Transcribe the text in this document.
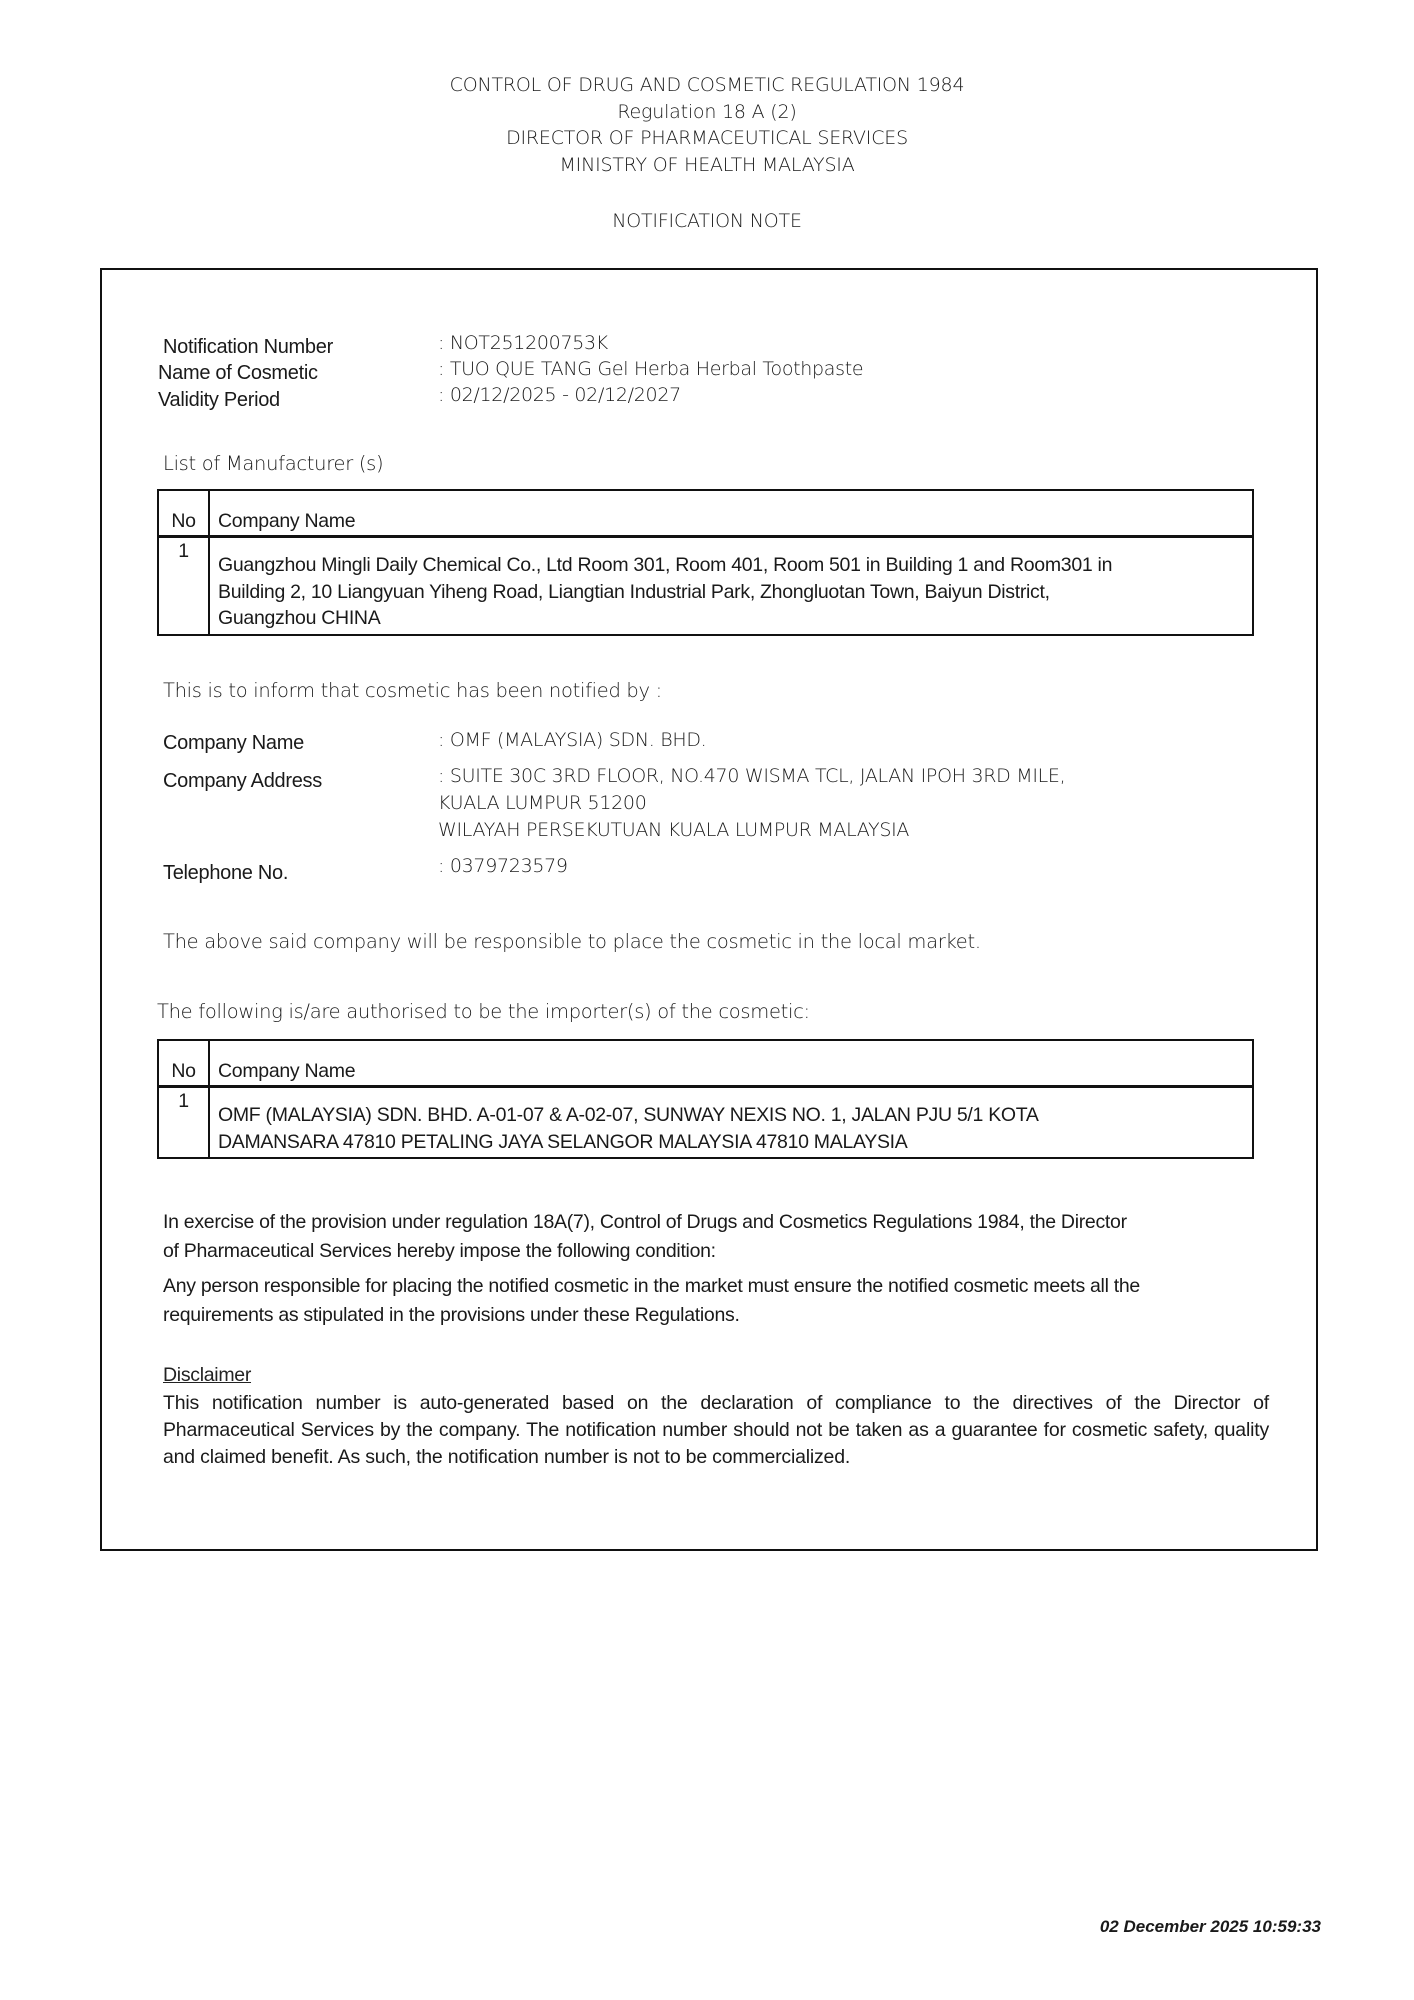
CONTROL OF DRUG AND COSMETIC REGULATION 1984
Regulation 18 A (2)
DIRECTOR OF PHARMACEUTICAL SERVICES
MINISTRY OF HEALTH MALAYSIA
NOTIFICATION NOTE
Notification Number	: NOT251200753K
Name of Cosmetic	: TUO QUE TANG Gel Herba Herbal Toothpaste
Validity Period	: 02/12/2025 - 02/12/2027
List of Manufacturer (s)
No	Company Name
1	Guangzhou Mingli Daily Chemical Co., Ltd Room 301, Room 401, Room 501 in Building 1 and Room301 in
Building 2, 10 Liangyuan Yiheng Road, Liangtian Industrial Park, Zhongluotan Town, Baiyun District,
Guangzhou CHINA
This is to inform that cosmetic has been notified by :
Company Name	: OMF (MALAYSIA) SDN. BHD.
Company Address	: SUITE 30C 3RD FLOOR, NO.470 WISMA TCL, JALAN IPOH 3RD MILE,
KUALA LUMPUR 51200
WILAYAH PERSEKUTUAN KUALA LUMPUR MALAYSIA
Telephone No.	: 0379723579
The above said company will be responsible to place the cosmetic in the local market.
The following is/are authorised to be the importer(s) of the cosmetic:
No	Company Name
1	OMF (MALAYSIA) SDN. BHD. A-01-07 & A-02-07, SUNWAY NEXIS NO. 1, JALAN PJU 5/1 KOTA
DAMANSARA 47810 PETALING JAYA SELANGOR MALAYSIA 47810 MALAYSIA
In exercise of the provision under regulation 18A(7), Control of Drugs and Cosmetics Regulations 1984, the Director
of Pharmaceutical Services hereby impose the following condition:
Any person responsible for placing the notified cosmetic in the market must ensure the notified cosmetic meets all the
requirements as stipulated in the provisions under these Regulations.
Disclaimer
This notification number is auto-generated based on the declaration of compliance to the directives of the Director of Pharmaceutical Services by the company. The notification number should not be taken as a guarantee for cosmetic safety, quality and claimed benefit. As such, the notification number is not to be commercialized.
02 December 2025 10:59:33
